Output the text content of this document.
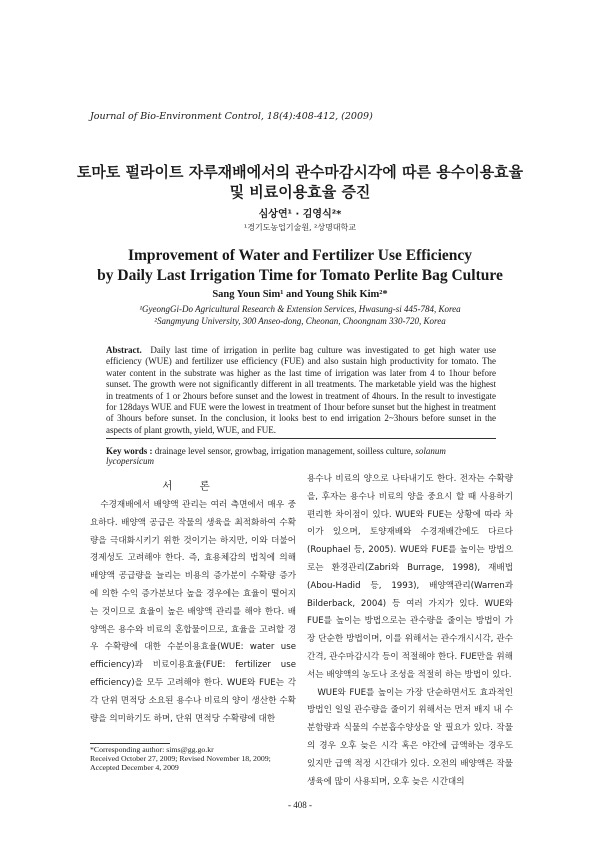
Journal of Bio-Environment Control, 18(4):408-412, (2009)
토마토 펄라이트 자루재배에서의 관수마감시각에 따른 용수이용효율
및 비료이용효율 증진
심상연¹ · 김영식²*
¹경기도농업기술원, ²상명대학교
Improvement of Water and Fertilizer Use Efficiency
by Daily Last Irrigation Time for Tomato Perlite Bag Culture
Sang Youn Sim¹ and Young Shik Kim²*
¹GyeongGi-Do Agricultural Research & Extension Services, Hwasung-si 445-784, Korea
²Sangmyung University, 300 Anseo-dong, Cheonan, Choongnam 330-720, Korea
Abstract. Daily last time of irrigation in perlite bag culture was investigated to get high water use efficiency (WUE) and fertilizer use efficiency (FUE) and also sustain high productivity for tomato. The water content in the substrate was higher as the last time of irrigation was later from 4 to 1hour before sunset. The growth were not significantly different in all treatments. The marketable yield was the highest in treatments of 1 or 2hours before sunset and the lowest in treatment of 4hours. In the result to investigate for 128days WUE and FUE were the lowest in treatment of 1hour before sunset but the highest in treatment of 3hours before sunset. In the conclusion, it looks best to end irrigation 2~3hours before sunset in the aspects of plant growth, yield, WUE, and FUE.
Key words : drainage level sensor, growbag, irrigation management, soilless culture, solanum lycopersicum
서 론

수경재배에서 배양액 관리는 여러 측면에서 매우 중요하다. 배양액 공급은 작물의 생육을 최적화하여 수확량을 극대화시키기 위한 것이기는 하지만, 이와 더불어 경제성도 고려해야 한다. 즉, 효용체감의 법칙에 의해 배양액 공급량을 늘리는 비용의 증가분이 수확량 증가에 의한 수익 증가분보다 높을 경우에는 효율이 떨어지는 것이므로 효율이 높은 배양액 관리를 해야 한다. 배양액은 용수와 비료의 혼합물이므로, 효율을 고려할 경우 수확량에 대한 수분이용효율(WUE: water use efficiency)과 비료이용효율(FUE: fertilizer use efficiency)을 모두 고려해야 한다. WUE와 FUE는 각각 단위 면적당 소요된 용수나 비료의 양이 생산한 수확량을 의미하기도 하며, 단위 면적당 수확량에 대한

용수나 비료의 양으로 나타내기도 한다. 전자는 수확량을, 후자는 용수나 비료의 양을 중요시 할 때 사용하기 편리한 차이점이 있다. WUE와 FUE는 상황에 따라 차이가 있으며, 토양재배와 수경재배간에도 다르다(Rouphael 등, 2005). WUE와 FUE를 높이는 방법으로는 환경관리(Zabri와 Burrage, 1998), 재배법(Abou-Hadid 등, 1993), 배양액관리(Warren과 Bilderback, 2004) 등 여러 가지가 있다. WUE와 FUE를 높이는 방법으로는 관수량을 줄이는 방법이 가장 단순한 방법이며, 이를 위해서는 관수개시시각, 관수간격, 관수마감시각 등이 적절해야 한다. FUE만을 위해서는 배양액의 농도나 조성을 적절히 하는 방법이 있다.

WUE와 FUE를 높이는 가장 단순하면서도 효과적인 방법인 일일 관수량을 줄이기 위해서는 먼저 배지 내 수분함량과 식물의 수분흡수양상을 알 필요가 있다. 작물의 경우 오후 늦은 시각 혹은 야간에 급액하는 경우도 있지만 급액 적정 시간대가 있다. 오전의 배양액은 작물 생육에 많이 사용되며, 오후 늦은 시간대의

*Corresponding author: sims@gg.go.kr
Received October 27, 2009; Revised November 18, 2009;
Accepted December 4, 2009
- 408 -
